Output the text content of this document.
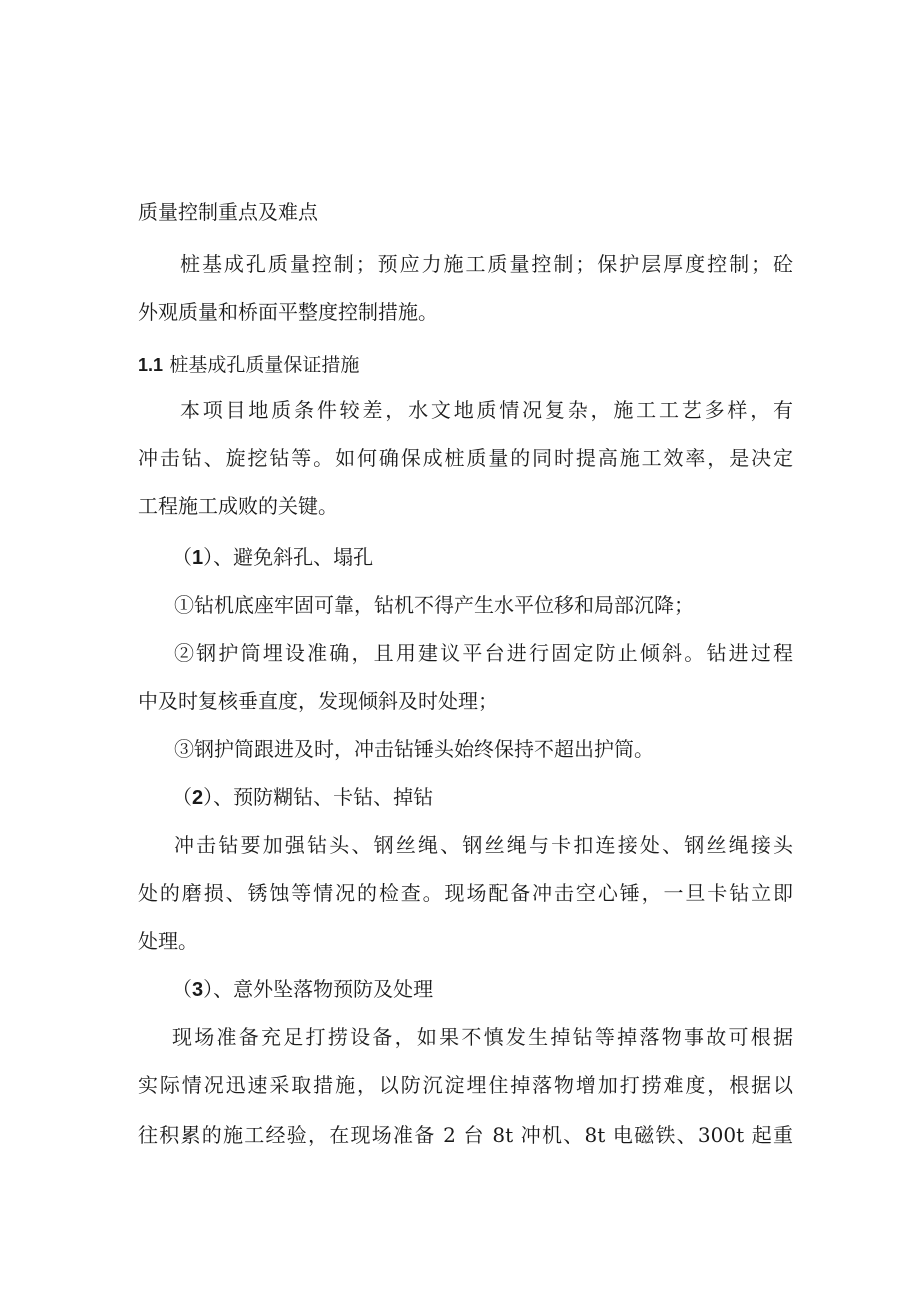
质量控制重点及难点
桩基成孔质量控制；预应力施工质量控制；保护层厚度控制；砼
外观质量和桥面平整度控制措施。
1.1 桩基成孔质量保证措施
本项目地质条件较差，水文地质情况复杂，施工工艺多样，有
冲击钻、旋挖钻等。如何确保成桩质量的同时提高施工效率，是决定
工程施工成败的关键。
（1）、避免斜孔、塌孔
①钻机底座牢固可靠，钻机不得产生水平位移和局部沉降；
②钢护筒埋设准确，且用建议平台进行固定防止倾斜。钻进过程
中及时复核垂直度，发现倾斜及时处理；
③钢护筒跟进及时，冲击钻锤头始终保持不超出护筒。
（2）、预防糊钻、卡钻、掉钻
冲击钻要加强钻头、钢丝绳、钢丝绳与卡扣连接处、钢丝绳接头
处的磨损、锈蚀等情况的检查。现场配备冲击空心锤，一旦卡钻立即
处理。
（3）、意外坠落物预防及处理
现场准备充足打捞设备，如果不慎发生掉钻等掉落物事故可根据
实际情况迅速采取措施，以防沉淀埋住掉落物增加打捞难度，根据以
往积累的施工经验，在现场准备 2 台 8t 冲机、8t 电磁铁、300t 起重
